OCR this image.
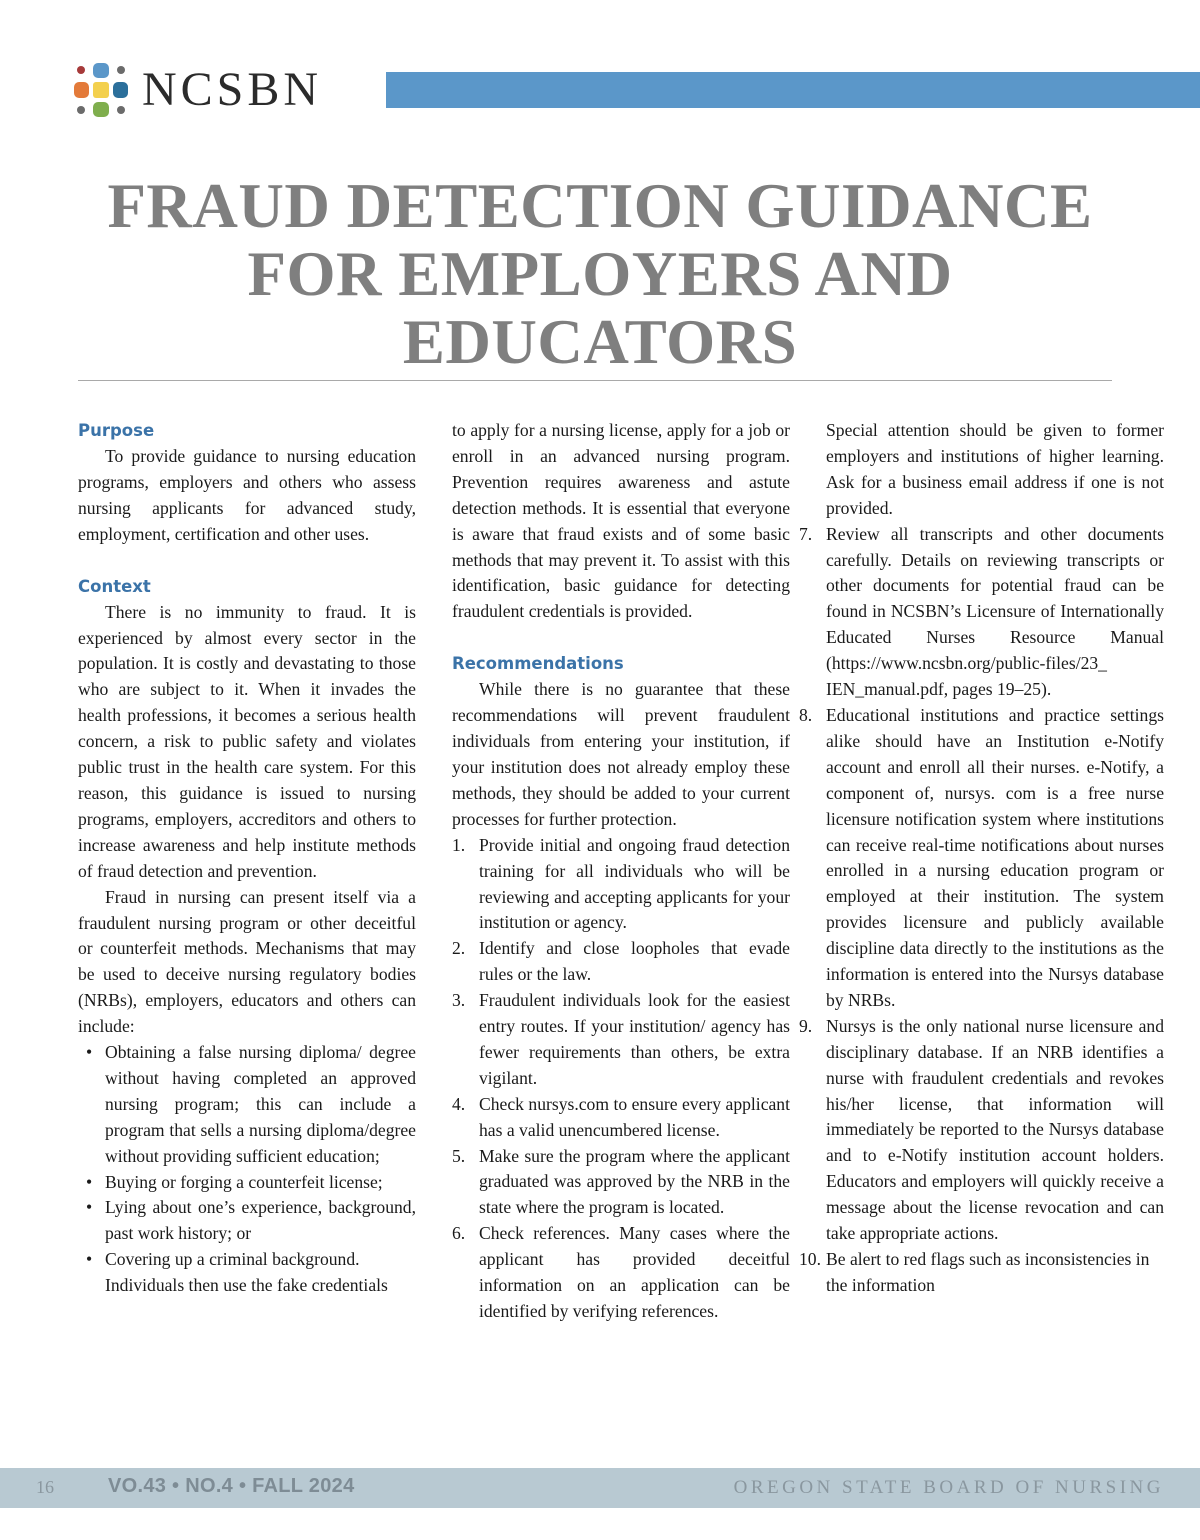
NCSBN
FRAUD DETECTION GUIDANCE
FOR EMPLOYERS AND
EDUCATORS
Purpose

To provide guidance to nursing education programs, employers and others who assess nursing applicants for advanced study, employment, certification and other uses.

Context

There is no immunity to fraud. It is experienced by almost every sector in the population. It is costly and devastating to those who are subject to it. When it invades the health professions, it becomes a serious health concern, a risk to public safety and violates public trust in the health care system. For this reason, this guidance is issued to nursing programs, employers, accreditors and others to increase awareness and help institute methods of fraud detection and prevention.

Fraud in nursing can present itself via a fraudulent nursing program or other deceitful or counterfeit methods. Mechanisms that may be used to deceive nursing regulatory bodies (NRBs), employers, educators and others can include:

• Obtaining a false nursing diploma/ degree without having completed an approved nursing program; this can include a program that sells a nursing diploma/degree without providing sufficient education;
• Buying or forging a counterfeit license;
• Lying about one’s experience, background, past work history; or
• Covering up a criminal background.
Individuals then use the fake credentials

to apply for a nursing license, apply for a job or enroll in an advanced nursing program. Prevention requires awareness and astute detection methods. It is essential that everyone is aware that fraud exists and of some basic methods that may prevent it. To assist with this identification, basic guidance for detecting fraudulent credentials is provided.

Recommendations

While there is no guarantee that these recommendations will prevent fraudulent individuals from entering your institution, if your institution does not already employ these methods, they should be added to your current processes for further protection.

1. Provide initial and ongoing fraud detection training for all individuals who will be reviewing and accepting applicants for your institution or agency.
2. Identify and close loopholes that evade rules or the law.
3. Fraudulent individuals look for the easiest entry routes. If your institution/ agency has fewer requirements than others, be extra vigilant.
4. Check nursys.com to ensure every applicant has a valid unencumbered license.
5. Make sure the program where the applicant graduated was approved by the NRB in the state where the program is located.
6. Check references. Many cases where the applicant has provided deceitful information on an application can be identified by verifying references.
Special attention should be given to former employers and institutions of higher learning. Ask for a business email address if one is not provided.
7. Review all transcripts and other documents carefully. Details on reviewing transcripts or other documents for potential fraud can be found in NCSBN’s Licensure of Internationally Educated Nurses Resource Manual (https://www.ncsbn.org/public-files/23_ IEN_manual.pdf, pages 19–25).
8. Educational institutions and practice settings alike should have an Institution e-Notify account and enroll all their nurses. e-Notify, a component of, nursys. com is a free nurse licensure notification system where institutions can receive real-time notifications about nurses enrolled in a nursing education program or employed at their institution. The system provides licensure and publicly available discipline data directly to the institutions as the information is entered into the Nursys database by NRBs.
9. Nursys is the only national nurse licensure and disciplinary database. If an NRB identifies a nurse with fraudulent credentials and revokes his/her license, that information will immediately be reported to the Nursys database and to e-Notify institution account holders. Educators and employers will quickly receive a message about the license revocation and can take appropriate actions.
10. Be alert to red flags such as inconsistencies in the information
16	VO.43 • NO.4 • FALL 2024	OREGON STATE BOARD OF NURSING
